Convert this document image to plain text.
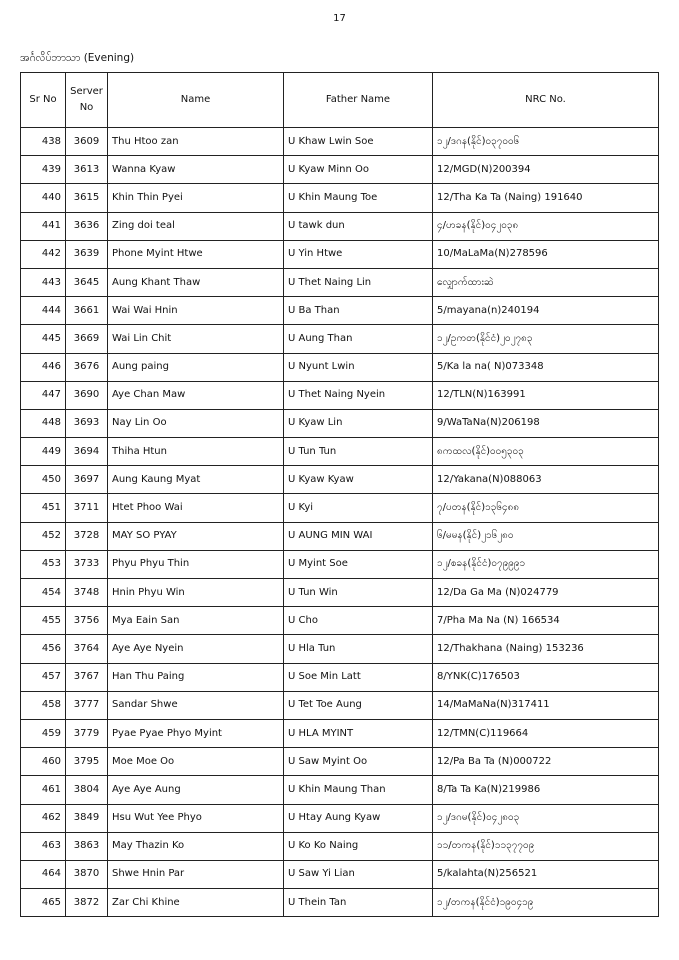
17
အင်္ဂလိပ်ဘာသာ (Evening)
Sr No	Server No	Name	Father Name	NRC No.
438	3609	Thu Htoo zan	U Khaw Lwin Soe	၁၂/ဒဂန(နိုင်)၀၃၇၀၀၆
439	3613	Wanna Kyaw	U Kyaw Minn Oo	12/MGD(N)200394
440	3615	Khin Thin Pyei	U Khin Maung Toe	12/Tha Ka Ta (Naing) 191640
441	3636	Zing doi teal	U tawk dun	၄/ဟခန(နိုင်)၀၄၂၀၃၈
442	3639	Phone Myint Htwe	U Yin Htwe	10/MaLaMa(N)278596
443	3645	Aung Khant Thaw	U Thet Naing Lin	လျှောက်ထားဆဲ
444	3661	Wai Wai Hnin	U Ba Than	5/mayana(n)240194
445	3669	Wai Lin Chit	U Aung Than	၁၂/ဥကတ(နိုင်ငံ)၂၀၂၇၈၃
446	3676	Aung paing	U Nyunt Lwin	5/Ka la na( N)073348
447	3690	Aye Chan Maw	U Thet Naing Nyein	12/TLN(N)163991
448	3693	Nay Lin Oo	U Kyaw Lin	9/WaTaNa(N)206198
449	3694	Thiha Htun	U Tun Tun	၈ကထလ(နိုင်)၀၀၅၃၀၃
450	3697	Aung Kaung Myat	U Kyaw Kyaw	12/Yakana(N)088063
451	3711	Htet Phoo Wai	U Kyi	၇/ပတန(နိုင်)၁၃၆၄၈၈
452	3728	MAY SO PYAY	U AUNG MIN WAI	၆/မမန(နိုင်)၂၁၆၂၈၀
453	3733	Phyu Phyu Thin	U Myint Soe	၁၂/စခန(နိုင်ငံ)၀၇၉၉၉၁
454	3748	Hnin Phyu Win	U Tun Win	12/Da Ga Ma (N)024779
455	3756	Mya Eain San	U Cho	7/Pha Ma Na (N) 166534
456	3764	Aye Aye Nyein	U Hla Tun	12/Thakhana (Naing) 153236
457	3767	Han Thu Paing	U Soe Min Latt	8/YNK(C)176503
458	3777	Sandar Shwe	U Tet Toe Aung	14/MaMaNa(N)317411
459	3779	Pyae Pyae Phyo Myint	U HLA MYINT	12/TMN(C)119664
460	3795	Moe Moe Oo	U Saw Myint Oo	12/Pa Ba Ta (N)000722
461	3804	Aye Aye Aung	U Khin Maung Than	8/Ta Ta Ka(N)219986
462	3849	Hsu Wut Yee Phyo	U Htay Aung Kyaw	၁၂/ဒဂမ(နိုင်)၀၄၂၈၀၃
463	3863	May Thazin Ko	U Ko Ko Naing	၁၁/တကန(နိုင်)၁၁၃၇၇၀၉
464	3870	Shwe Hnin Par	U Saw Yi Lian	5/kalahta(N)256521
465	3872	Zar Chi Khine	U Thein Tan	၁၂/တကန(နိုင်ငံ)၁၉၀၄၁၉
